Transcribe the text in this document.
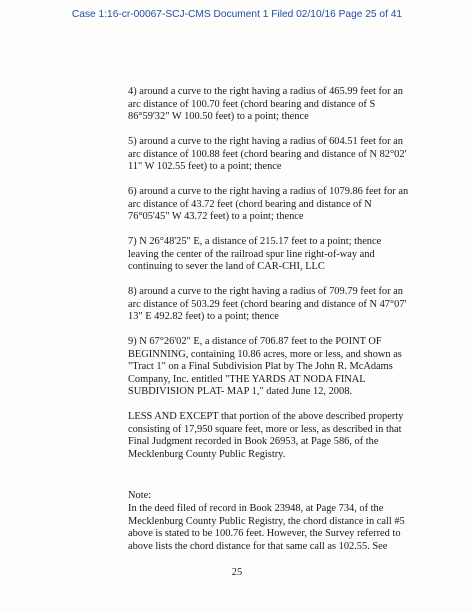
Case 1:16-cr-00067-SCJ-CMS Document 1 Filed 02/10/16 Page 25 of 41

4) around a curve to the right having a radius of 465.99 feet for an arc distance of 100.70 feet (chord bearing and distance of S 86°59'32" W 100.50 feet) to a point; thence

5) around a curve to the right having a radius of 604.51 feet for an arc distance of 100.88 feet (chord bearing and distance of N 82°02' 11" W 102.55 feet) to a point; thence

6) around a curve to the right having a radius of 1079.86 feet for an arc distance of 43.72 feet (chord bearing and distance of N 76°05'45" W 43.72 feet) to a point; thence

7) N 26°48'25" E, a distance of 215.17 feet to a point; thence leaving the center of the railroad spur line right-of-way and continuing to sever the land of CAR-CHI, LLC

8) around a curve to the right having a radius of 709.79 feet for an arc distance of 503.29 feet (chord bearing and distance of N 47°07' 13" E 492.82 feet) to a point; thence

9) N 67°26'02" E, a distance of 706.87 feet to the POINT OF BEGINNING, containing 10.86 acres, more or less, and shown as "Tract 1" on a Final Subdivision Plat by The John R. McAdams Company, Inc. entitled "THE YARDS AT NODA FINAL SUBDIVISION PLAT- MAP 1," dated June 12, 2008.

LESS AND EXCEPT that portion of the above described property consisting of 17,950 square feet, more or less, as described in that Final Judgment recorded in Book 26953, at Page 586, of the Mecklenburg County Public Registry.

Note:

In the deed filed of record in Book 23948, at Page 734, of the Mecklenburg County Public Registry, the chord distance in call #5 above is stated to be 100.76 feet. However, the Survey referred to above lists the chord distance for that same call as 102.55. See

25
